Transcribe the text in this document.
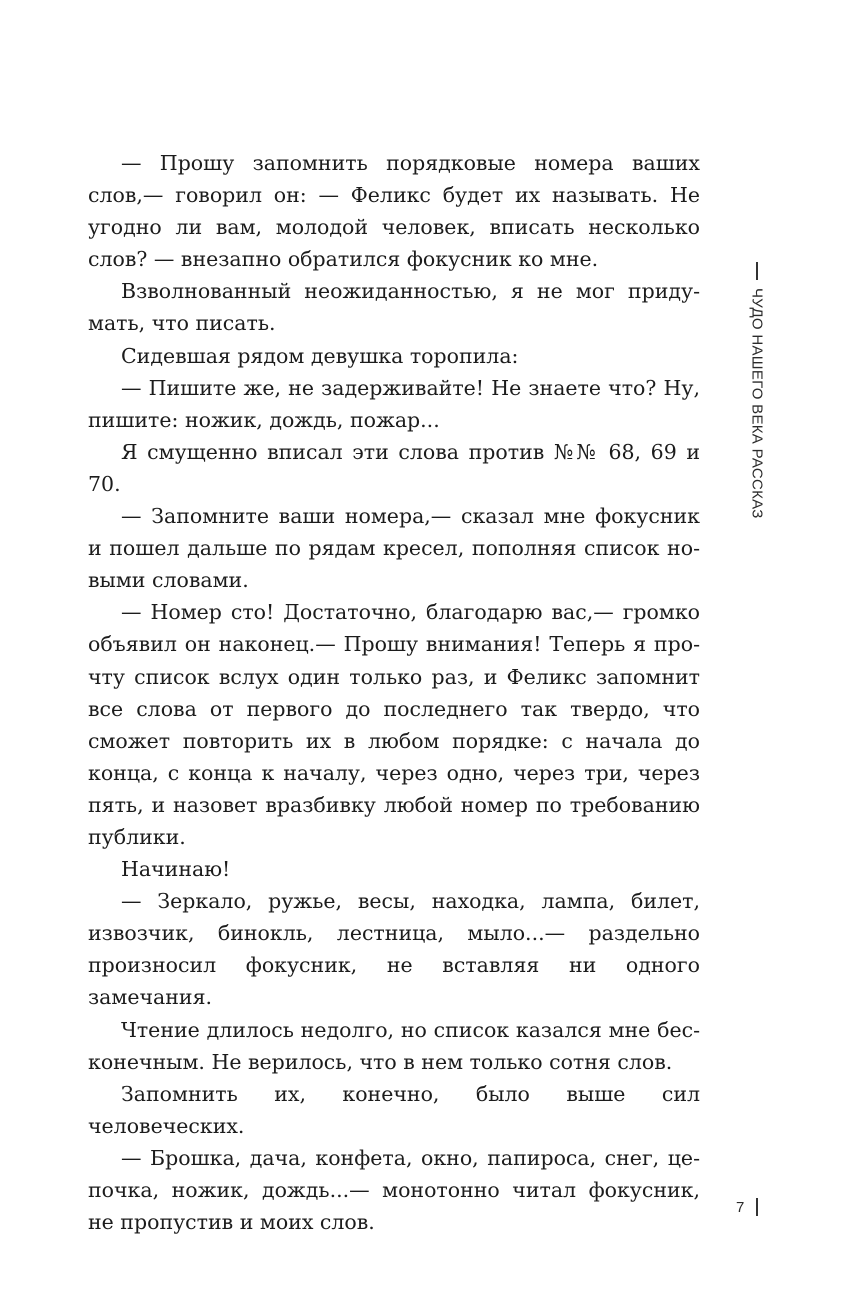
— Прошу запомнить порядковые номера ваших слов,— говорил он: — Феликс будет их называть. Не угодно ли вам, молодой человек, вписать несколько слов? — внезапно обратился фокусник ко мне.

Взволнованный неожиданностью, я не мог придумать, что писать.

Сидевшая рядом девушка торопила:

— Пишите же, не задерживайте! Не знаете что? Ну, пишите: ножик, дождь, пожар...

Я смущенно вписал эти слова против №№ 68, 69 и 70.

— Запомните ваши номера,— сказал мне фокусник и пошел дальше по рядам кресел, пополняя список новыми словами.

— Номер сто! Достаточно, благодарю вас,— громко объявил он наконец.— Прошу внимания! Теперь я прочту список вслух один только раз, и Феликс запомнит все слова от первого до последнего так твердо, что сможет повторить их в любом порядке: с начала до конца, с конца к началу, через одно, через три, через пять, и назовет вразбивку любой номер по требованию публики.

Начинаю!

— Зеркало, ружье, весы, находка, лампа, билет, извозчик, бинокль, лестница, мыло...— раздельно произносил фокусник, не вставляя ни одного замечания.

Чтение длилось недолго, но список казался мне бесконечным. Не верилось, что в нем только сотня слов.

Запомнить их, конечно, было выше сил человеческих.

— Брошка, дача, конфета, окно, папироса, снег, цепочка, ножик, дождь...— монотонно читал фокусник, не пропустив и моих слов.

ЧУДО НАШЕГО ВЕКА РАССКАЗ
7
